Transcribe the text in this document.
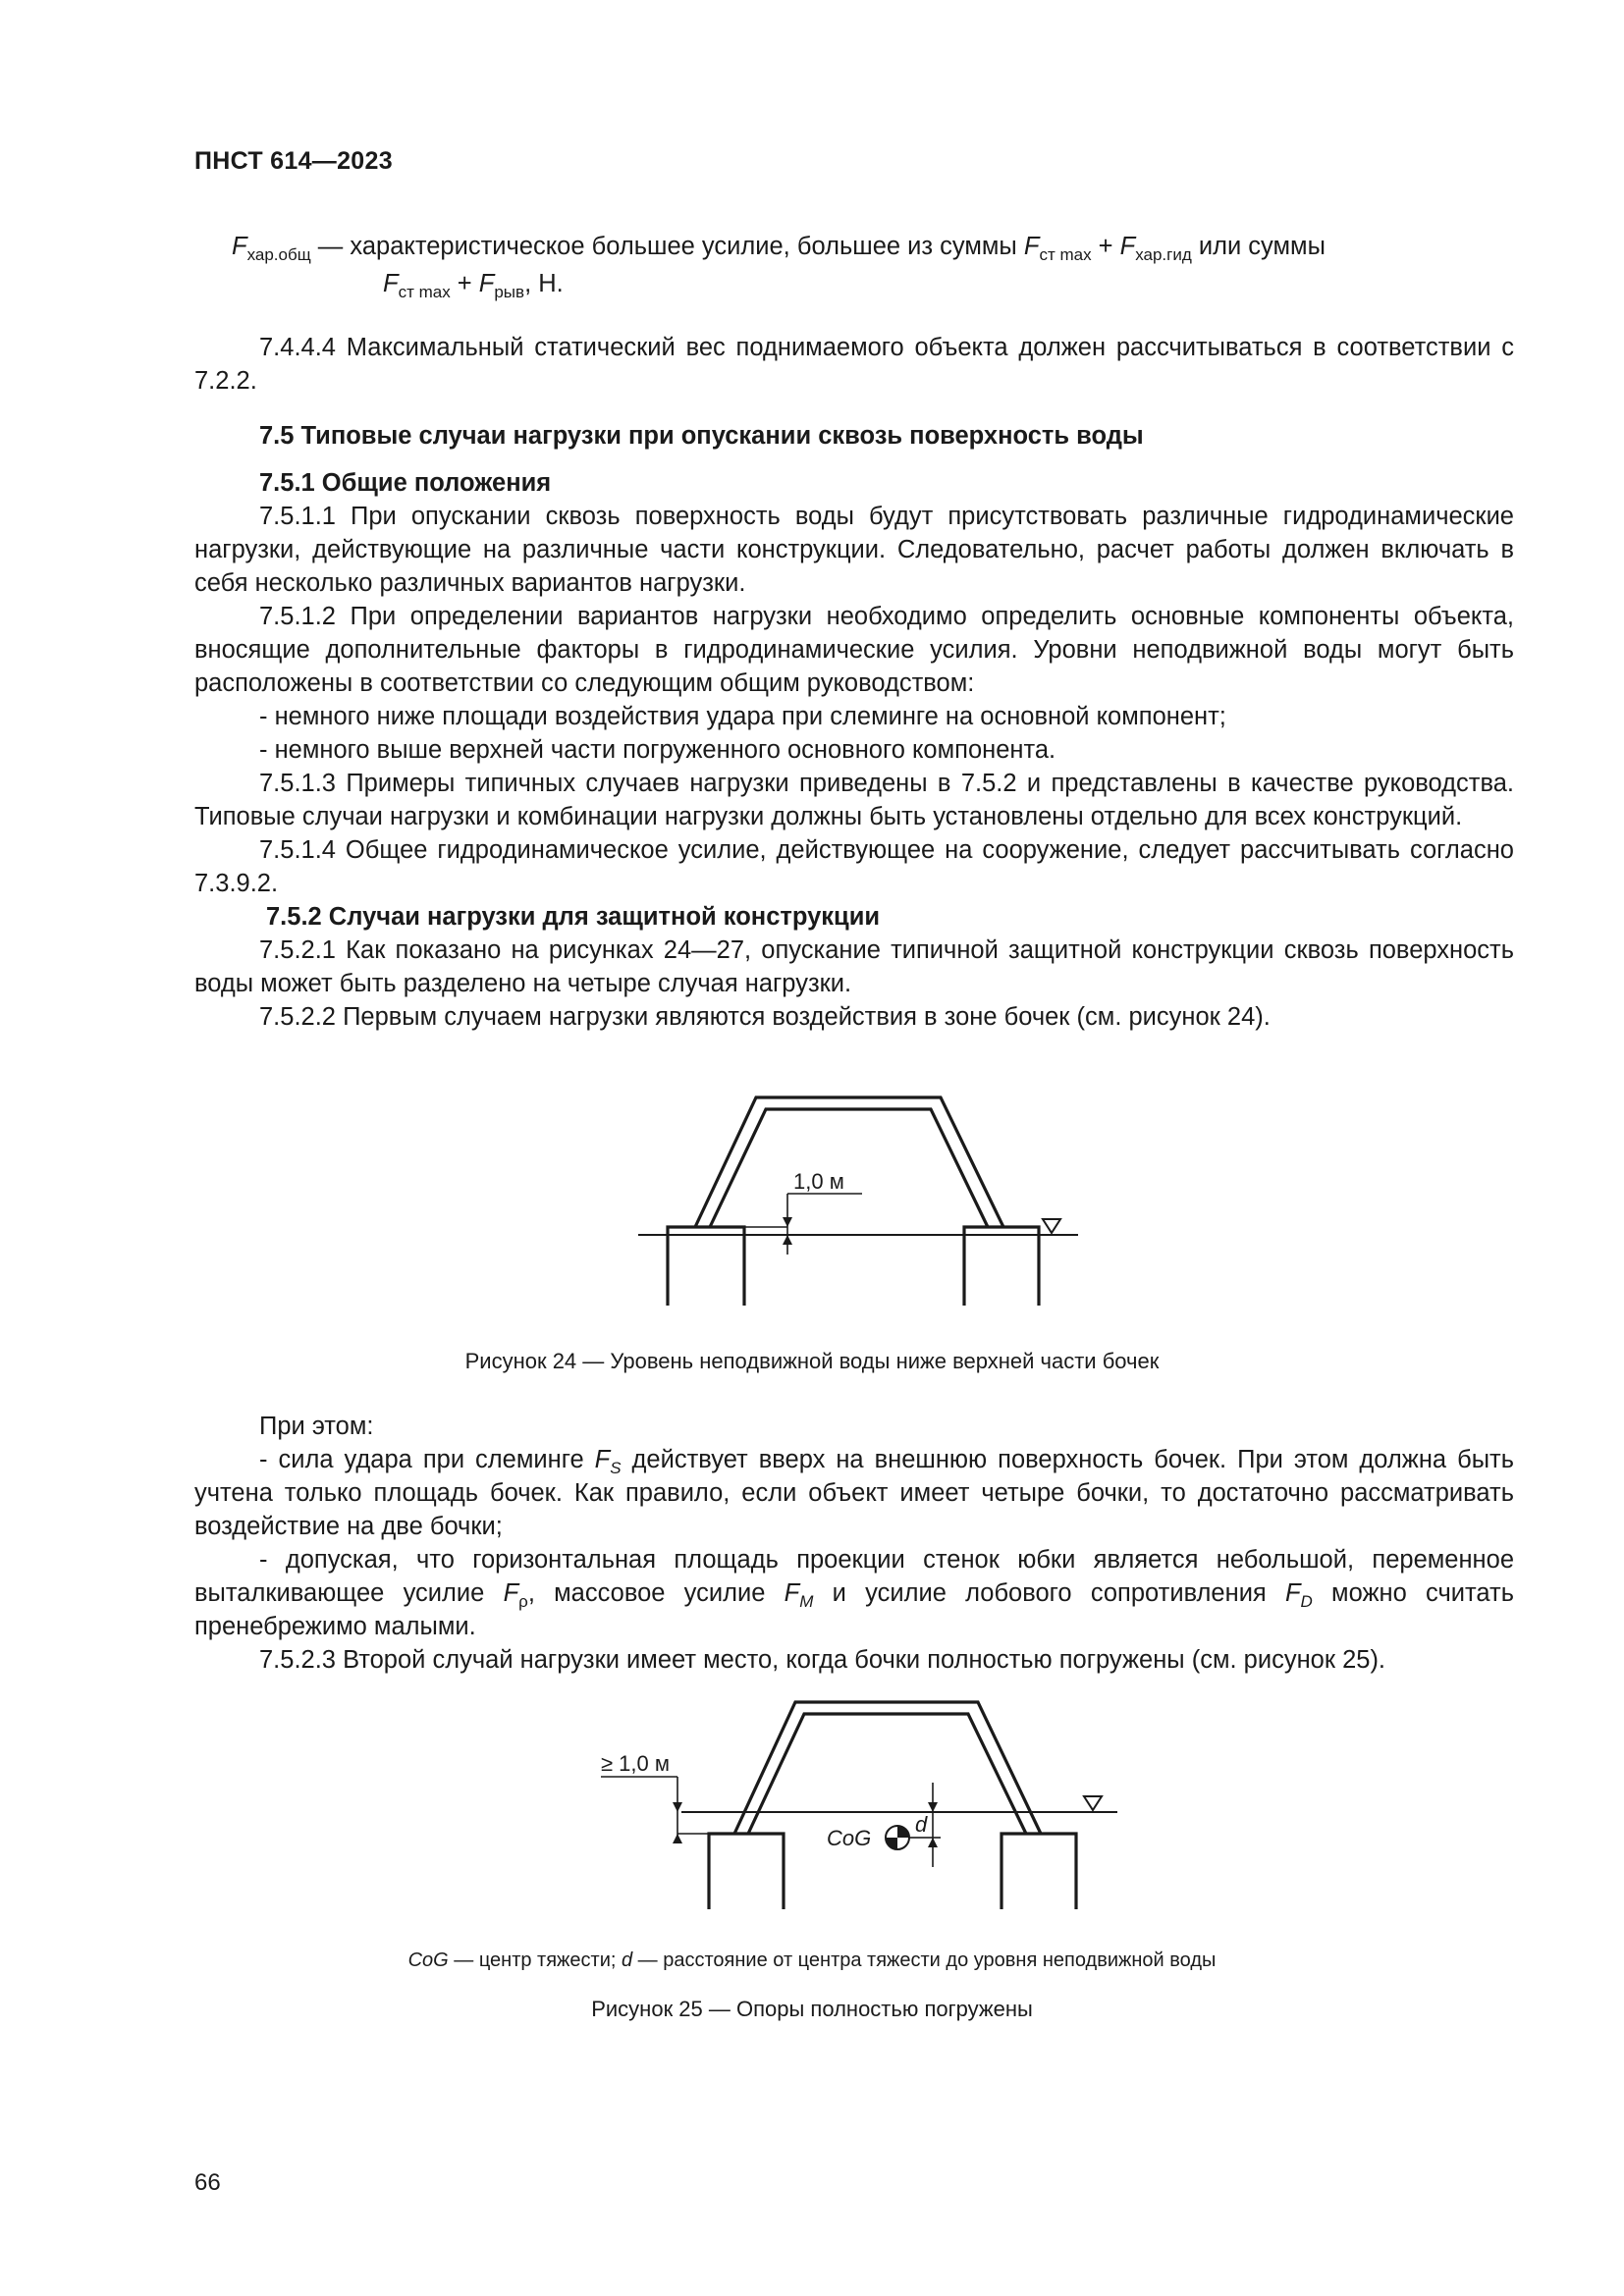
ПНСТ 614—2023
$F_{хар.общ}$ — характеристическое большее усилие, большее из суммы $F_{ст max} + F_{хар.гид}$ или суммы
$F_{ст max} + F_{рыв}$, Н.

7.4.4.4 Максимальный статический вес поднимаемого объекта должен рассчитываться в соответствии с 7.2.2.

7.5 Типовые случаи нагрузки при опускании сквозь поверхность воды

7.5.1 Общие положения

7.5.1.1 При опускании сквозь поверхность воды будут присутствовать различные гидродинамические нагрузки, действующие на различные части конструкции. Следовательно, расчет работы должен включать в себя несколько различных вариантов нагрузки.

7.5.1.2 При определении вариантов нагрузки необходимо определить основные компоненты объекта, вносящие дополнительные факторы в гидродинамические усилия. Уровни неподвижной воды могут быть расположены в соответствии со следующим общим руководством:

- немного ниже площади воздействия удара при слеминге на основной компонент;

- немного выше верхней части погруженного основного компонента.

7.5.1.3 Примеры типичных случаев нагрузки приведены в 7.5.2 и представлены в качестве руководства. Типовые случаи нагрузки и комбинации нагрузки должны быть установлены отдельно для всех конструкций.

7.5.1.4 Общее гидродинамическое усилие, действующее на сооружение, следует рассчитывать согласно 7.3.9.2.

7.5.2 Случаи нагрузки для защитной конструкции

7.5.2.1 Как показано на рисунках 24—27, опускание типичной защитной конструкции сквозь поверхность воды может быть разделено на четыре случая нагрузки.

7.5.2.2 Первым случаем нагрузки являются воздействия в зоне бочек (см. рисунок 24).

1,0 м
Рисунок 24 — Уровень неподвижной воды ниже верхней части бочек

При этом:

- сила удара при слеминге $F_S$ действует вверх на внешнюю поверхность бочек. При этом должна быть учтена только площадь бочек. Как правило, если объект имеет четыре бочки, то достаточно рассматривать воздействие на две бочки;

- допуская, что горизонтальная площадь проекции стенок юбки является небольшой, переменное выталкивающее усилие $F_\rho$, массовое усилие $F_M$ и усилие лобового сопротивления $F_D$ можно считать пренебрежимо малыми.

7.5.2.3 Второй случай нагрузки имеет место, когда бочки полностью погружены (см. рисунок 25).

≥ 1,0 м
d
CoG
CoG — центр тяжести; d — расстояние от центра тяжести до уровня неподвижной воды
Рисунок 25 — Опоры полностью погружены
66
